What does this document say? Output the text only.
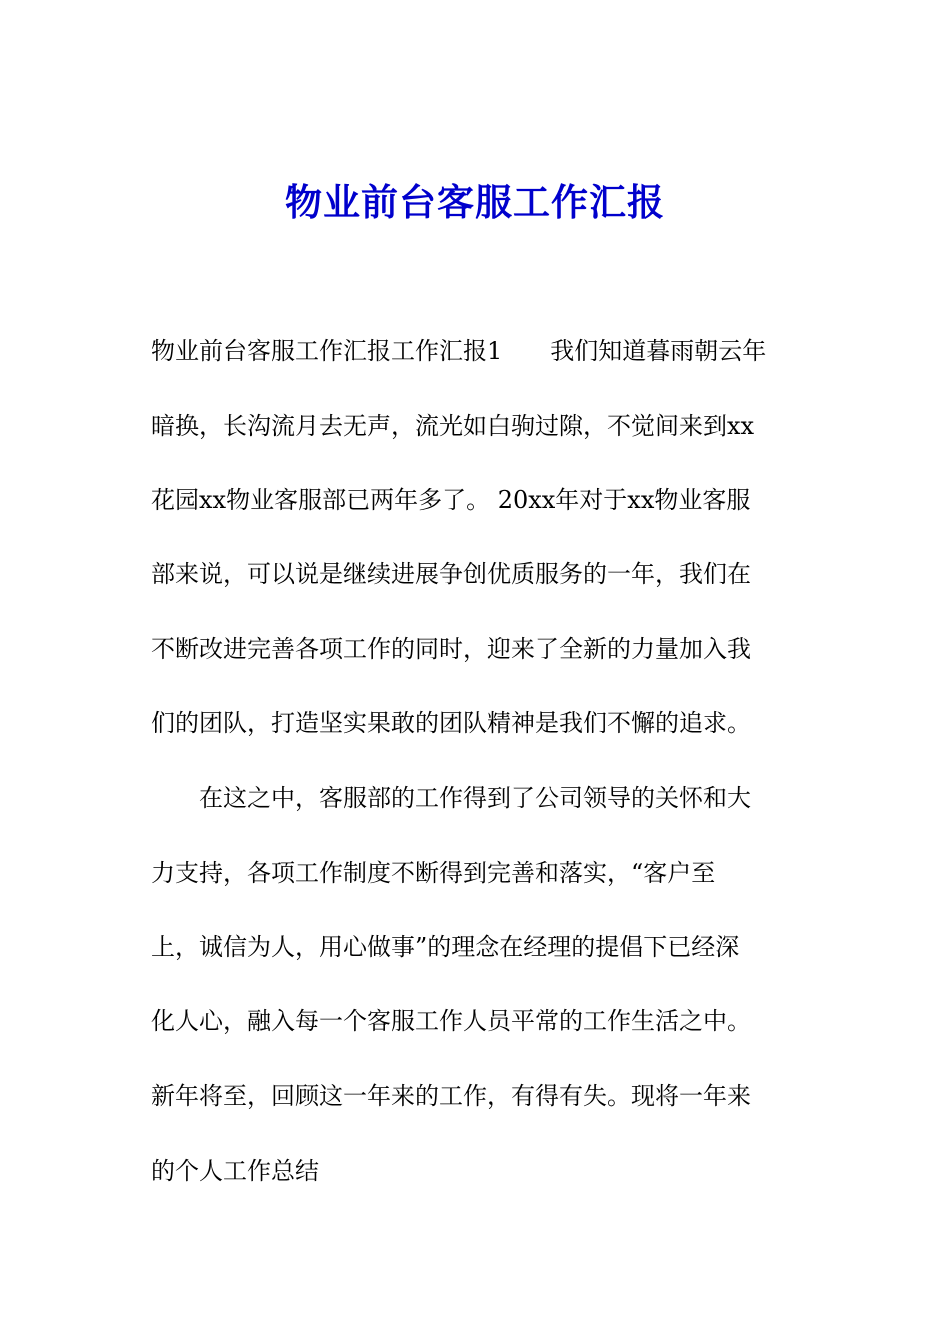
物业前台客服工作汇报

物业前台客服工作汇报工作汇报1　　我们知道暮雨朝云年

暗换，长沟流月去无声，流光如白驹过隙，不觉间来到xx

花园xx物业客服部已两年多了。 20xx年对于xx物业客服

部来说，可以说是继续进展争创优质服务的一年，我们在

不断改进完善各项工作的同时，迎来了全新的力量加入我

们的团队，打造坚实果敢的团队精神是我们不懈的追求。

　　在这之中，客服部的工作得到了公司领导的关怀和大

力支持，各项工作制度不断得到完善和落实，“客户至

上，诚信为人，用心做事”的理念在经理的提倡下已经深

化人心，融入每一个客服工作人员平常的工作生活之中。

新年将至，回顾这一年来的工作，有得有失。现将一年来

的个人工作总结
